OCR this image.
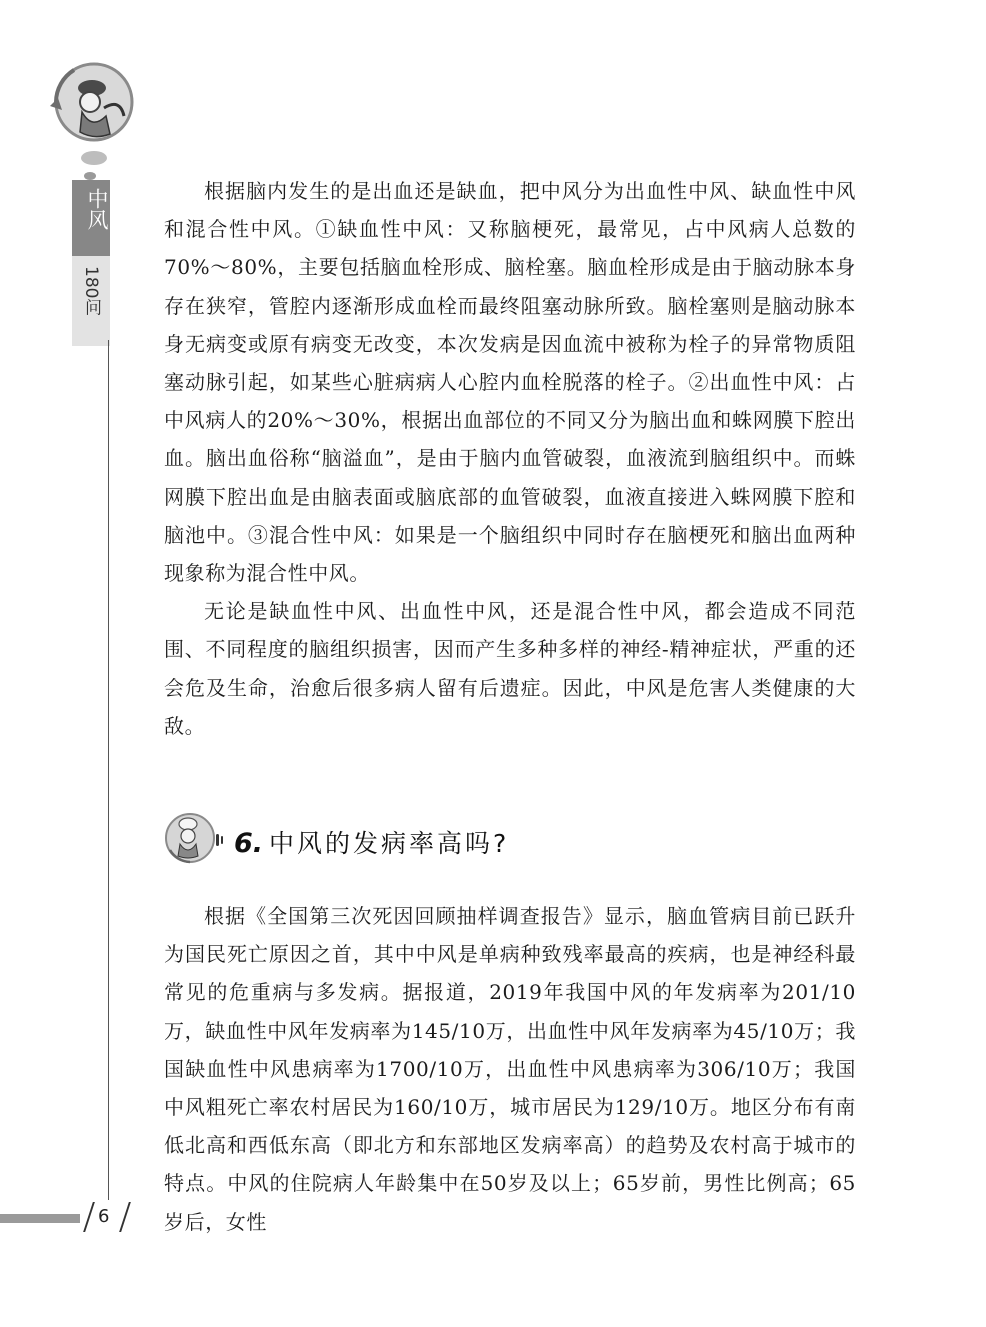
中风
180问

根据脑内发生的是出血还是缺血，把中风分为出血性中风、缺血性中风和混合性中风。①缺血性中风：又称脑梗死，最常见，占中风病人总数的70%～80%，主要包括脑血栓形成、脑栓塞。脑血栓形成是由于脑动脉本身存在狭窄，管腔内逐渐形成血栓而最终阻塞动脉所致。脑栓塞则是脑动脉本身无病变或原有病变无改变，本次发病是因血流中被称为栓子的异常物质阻塞动脉引起，如某些心脏病病人心腔内血栓脱落的栓子。②出血性中风：占中风病人的20%～30%，根据出血部位的不同又分为脑出血和蛛网膜下腔出血。脑出血俗称“脑溢血”，是由于脑内血管破裂，血液流到脑组织中。而蛛网膜下腔出血是由脑表面或脑底部的血管破裂，血液直接进入蛛网膜下腔和脑池中。③混合性中风：如果是一个脑组织中同时存在脑梗死和脑出血两种现象称为混合性中风。

无论是缺血性中风、出血性中风，还是混合性中风，都会造成不同范围、不同程度的脑组织损害，因而产生多种多样的神经-精神症状，严重的还会危及生命，治愈后很多病人留有后遗症。因此，中风是危害人类健康的大敌。

6. 中风的发病率高吗?

根据《全国第三次死因回顾抽样调查报告》显示，脑血管病目前已跃升为国民死亡原因之首，其中中风是单病种致残率最高的疾病，也是神经科最常见的危重病与多发病。据报道，2019年我国中风的年发病率为201/10万，缺血性中风年发病率为145/10万，出血性中风年发病率为45/10万；我国缺血性中风患病率为1700/10万，出血性中风患病率为306/10万；我国中风粗死亡率农村居民为160/10万，城市居民为129/10万。地区分布有南低北高和西低东高（即北方和东部地区发病率高）的趋势及农村高于城市的特点。中风的住院病人年龄集中在50岁及以上；65岁前，男性比例高；65岁后，女性

6
